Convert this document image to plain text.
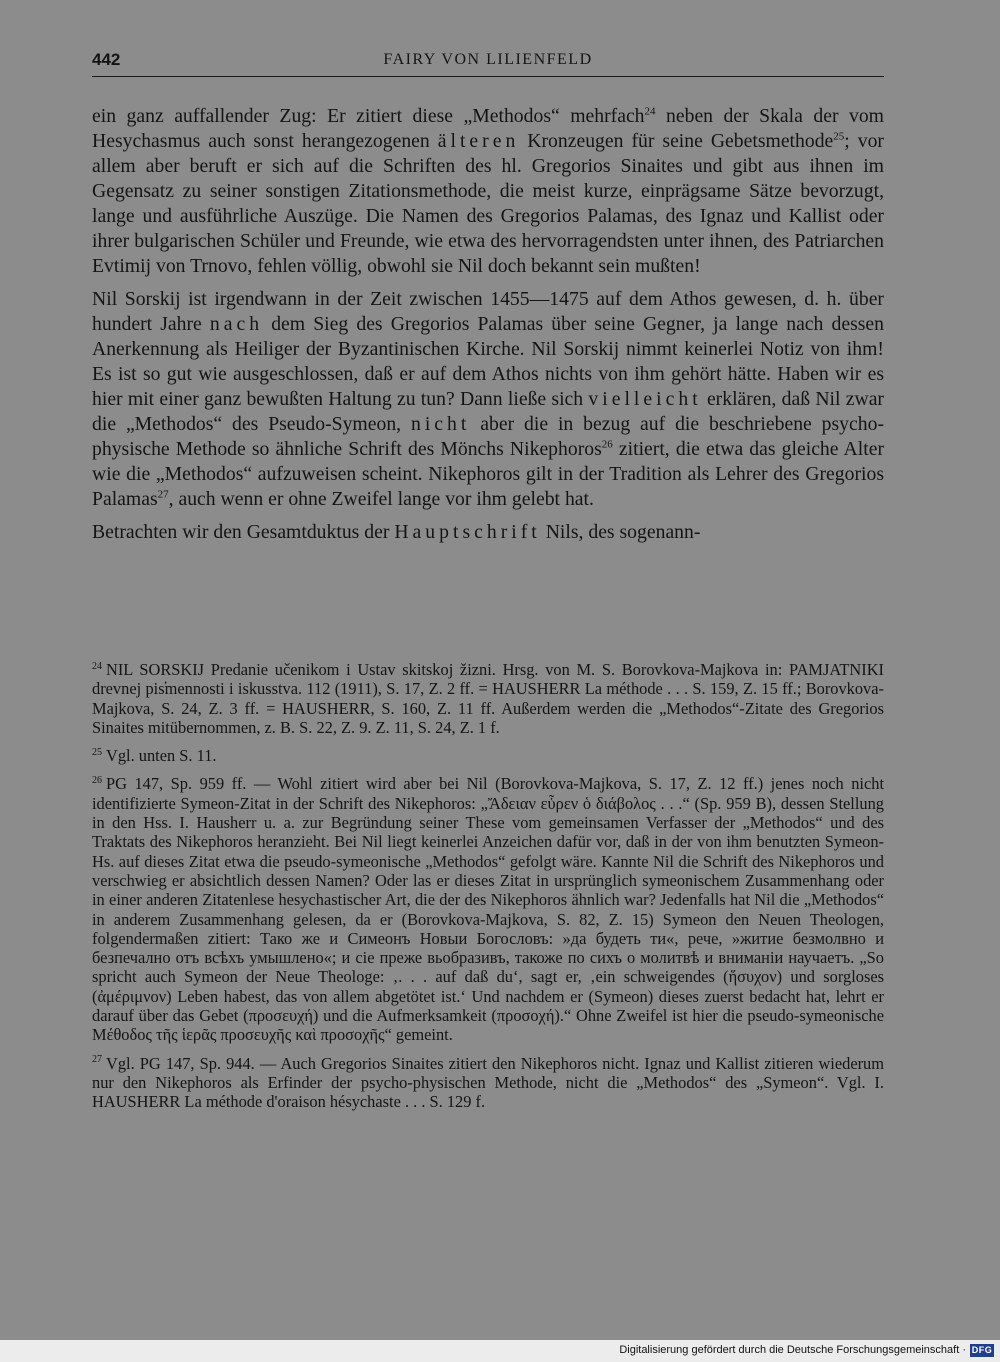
442	FAIRY VON LILIENFELD

ein ganz auffallender Zug: Er zitiert diese „Methodos“ mehrfach$^{24}$ neben der Skala der vom Hesychasmus auch sonst herangezogenen älteren Kronzeugen für seine Gebetsmethode$^{25}$; vor allem aber beruft er sich auf die Schriften des hl. Gregorios Sinaites und gibt aus ihnen im Gegensatz zu seiner sonstigen Zitationsmethode, die meist kurze, einprägsame Sätze bevorzugt, lange und ausführliche Auszüge. Die Namen des Gregorios Palamas, des Ignaz und Kallist oder ihrer bulgarischen Schüler und Freunde, wie etwa des hervorragendsten unter ihnen, des Patriarchen Evtimij von Trnovo, fehlen völlig, obwohl sie Nil doch bekannt sein mußten!

Nil Sorskij ist irgendwann in der Zeit zwischen 1455—1475 auf dem Athos gewesen, d. h. über hundert Jahre nach dem Sieg des Gregorios Palamas über seine Gegner, ja lange nach dessen Anerkennung als Heiliger der Byzantinischen Kirche. Nil Sorskij nimmt keinerlei Notiz von ihm! Es ist so gut wie ausgeschlossen, daß er auf dem Athos nichts von ihm gehört hätte. Haben wir es hier mit einer ganz bewußten Haltung zu tun? Dann ließe sich vielleicht erklären, daß Nil zwar die „Methodos“ des Pseudo-Symeon, nicht aber die in bezug auf die beschriebene psycho-physische Methode so ähnliche Schrift des Mönchs Nikephoros$^{26}$ zitiert, die etwa das gleiche Alter wie die „Methodos“ aufzuweisen scheint. Nikephoros gilt in der Tradition als Lehrer des Gregorios Palamas$^{27}$, auch wenn er ohne Zweifel lange vor ihm gelebt hat.

Betrachten wir den Gesamtduktus der Hauptschrift Nils, des sogenann-

$^{24}$ NIL SORSKIJ Predanie učenikom i Ustav skitskoj žizni. Hrsg. von M. S. Borovkova-Majkova in: PAMJATNIKI drevnej pis̕mennosti i iskusstva. 112 (1911), S. 17, Z. 2 ff. = HAUSHERR La méthode . . . S. 159, Z. 15 ff.; Borovkova-Majkova, S. 24, Z. 3 ff. = HAUSHERR, S. 160, Z. 11 ff. Außerdem werden die „Methodos“-Zitate des Gregorios Sinaites mitübernommen, z. B. S. 22, Z. 9. Z. 11, S. 24, Z. 1 f.

$^{25}$ Vgl. unten S. 11.

$^{26}$ PG 147, Sp. 959 ff. — Wohl zitiert wird aber bei Nil (Borovkova-Majkova, S. 17, Z. 12 ff.) jenes noch nicht identifizierte Symeon-Zitat in der Schrift des Nikephoros: „Ἄδειαν εὗρεν ὁ διάβολος . . .“ (Sp. 959 B), dessen Stellung in den Hss. I. Hausherr u. a. zur Begründung seiner These vom gemeinsamen Verfasser der „Methodos“ und des Traktats des Nikephoros heranzieht. Bei Nil liegt keinerlei Anzeichen dafür vor, daß in der von ihm benutzten Symeon-Hs. auf dieses Zitat etwa die pseudo-symeonische „Methodos“ gefolgt wäre. Kannte Nil die Schrift des Nikephoros und verschwieg er absichtlich dessen Namen? Oder las er dieses Zitat in ursprünglich symeonischem Zusammenhang oder in einer anderen Zitatenlese hesychastischer Art, die der des Nikephoros ähnlich war? Jedenfalls hat Nil die „Methodos“ in anderem Zusammenhang gelesen, da er (Borovkova-Majkova, S. 82, Z. 15) Symeon den Neuen Theologen, folgendermaßen zitiert: Тако же и Симеонъ Новыи Богословъ: »да будеть ти«, рече, »житие безмолвно и безпечално отъ всѣхъ умышлено«; и сiе преже вьобразивъ, такоже по сихъ о молитвѣ и вниманiи научаетъ. „So spricht auch Symeon der Neue Theologe: ‚. . . auf daß du‘, sagt er, ‚ein schweigendes (ἥσυχον) und sorgloses (ἀμέριμνον) Leben habest, das von allem abgetötet ist.‘ Und nachdem er (Symeon) dieses zuerst bedacht hat, lehrt er darauf über das Gebet (προσευχή) und die Aufmerksamkeit (προσοχή).“ Ohne Zweifel ist hier die pseudo-symeonische Μέθοδος τῆς ἱερᾶς προσευχῆς καὶ προσοχῆς“ gemeint.

$^{27}$ Vgl. PG 147, Sp. 944. — Auch Gregorios Sinaites zitiert den Nikephoros nicht. Ignaz und Kallist zitieren wiederum nur den Nikephoros als Erfinder der psycho-physischen Methode, nicht die „Methodos“ des „Symeon“. Vgl. I. HAUSHERR La méthode d'oraison hésychaste . . . S. 129 f.

Digitalisierung gefördert durch die Deutsche Forschungsgemeinschaft · DFG
